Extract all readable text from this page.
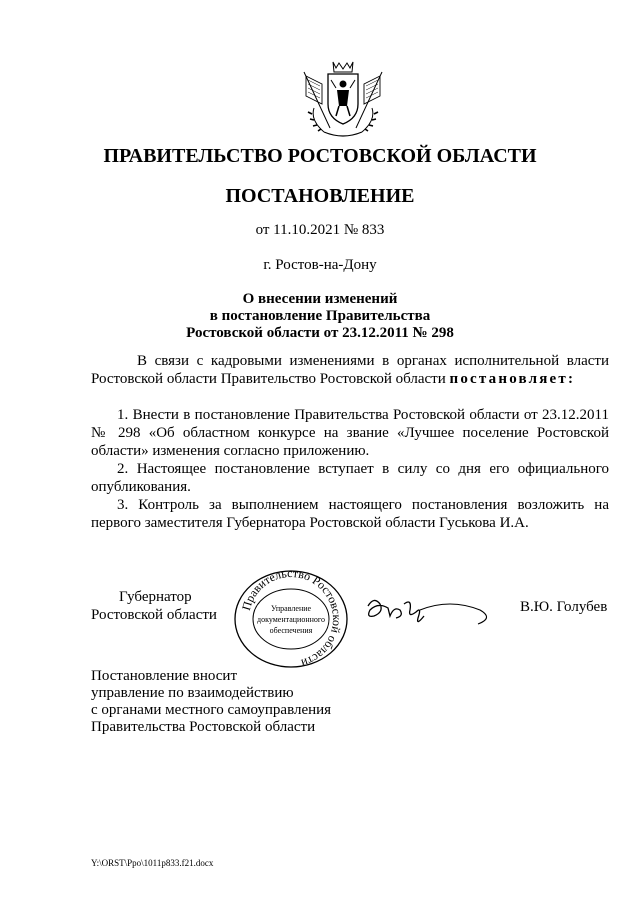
ПРАВИТЕЛЬСТВО РОСТОВСКОЙ ОБЛАСТИ
ПОСТАНОВЛЕНИЕ
от 11.10.2021 № 833
г. Ростов-на-Дону
О внесении изменений
в постановление Правительства
Ростовской области от 23.12.2011 № 298
В связи с кадровыми изменениями в органах исполнительной власти Ростовской области Правительство Ростовской области постановляет:

1. Внести в постановление Правительства Ростовской области от 23.12.2011 № 298 «Об областном конкурсе на звание «Лучшее поселение Ростовской области» изменения согласно приложению.

2. Настоящее постановление вступает в силу со дня его официального опубликования.

3. Контроль за выполнением настоящего постановления возложить на первого заместителя Губернатора Ростовской области Гуськова И.А.

Губернатор
Ростовской области
Правительство Ростовской области
Управление
документационного
обеспечения
В.Ю. Голубев
Постановление вносит
управление по взаимодействию
с органами местного самоуправления
Правительства Ростовской области
Y:\ORST\Ppo\1011p833.f21.docx
